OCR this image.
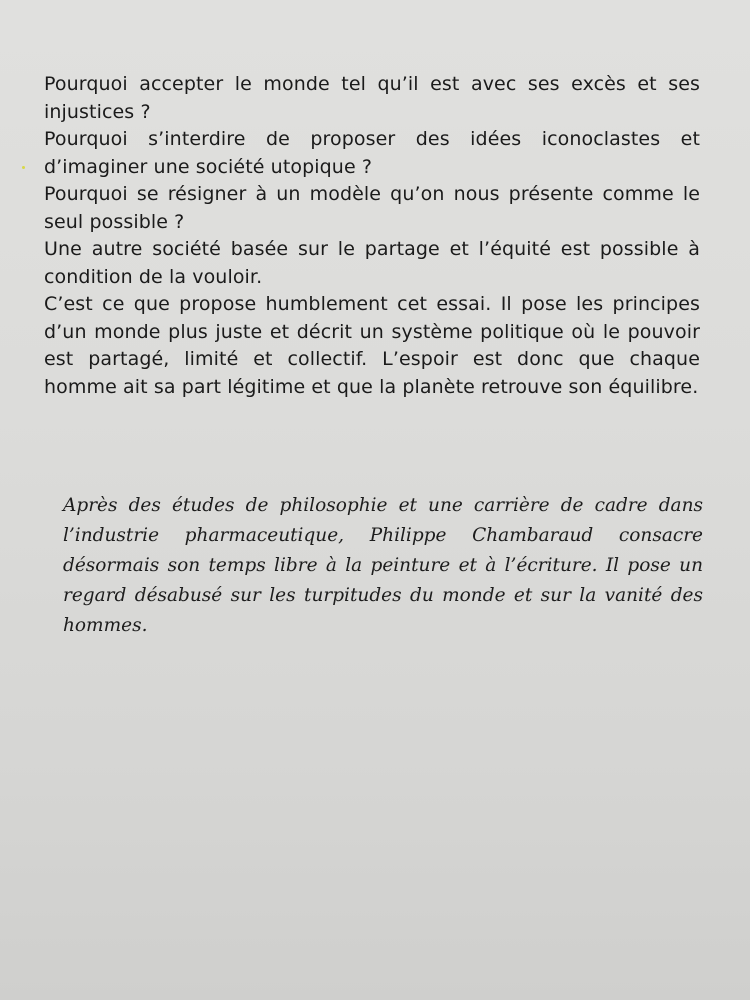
Pourquoi accepter le monde tel qu’il est avec ses excès et ses injustices ?

Pourquoi s’interdire de proposer des idées iconoclastes et d’imaginer une société utopique ?

Pourquoi se résigner à un modèle qu’on nous présente comme le seul possible ?

Une autre société basée sur le partage et l’équité est possible à condition de la vouloir.

C’est ce que propose humblement cet essai. Il pose les principes d’un monde plus juste et décrit un système politique où le pouvoir est partagé, limité et collectif. L’espoir est donc que chaque homme ait sa part légitime et que la planète retrouve son équilibre.

Après des études de philosophie et une carrière de cadre dans l’industrie pharmaceutique, Philippe Chambaraud consacre désormais son temps libre à la peinture et à l’écriture. Il pose un regard désabusé sur les turpitudes du monde et sur la vanité des hommes.
